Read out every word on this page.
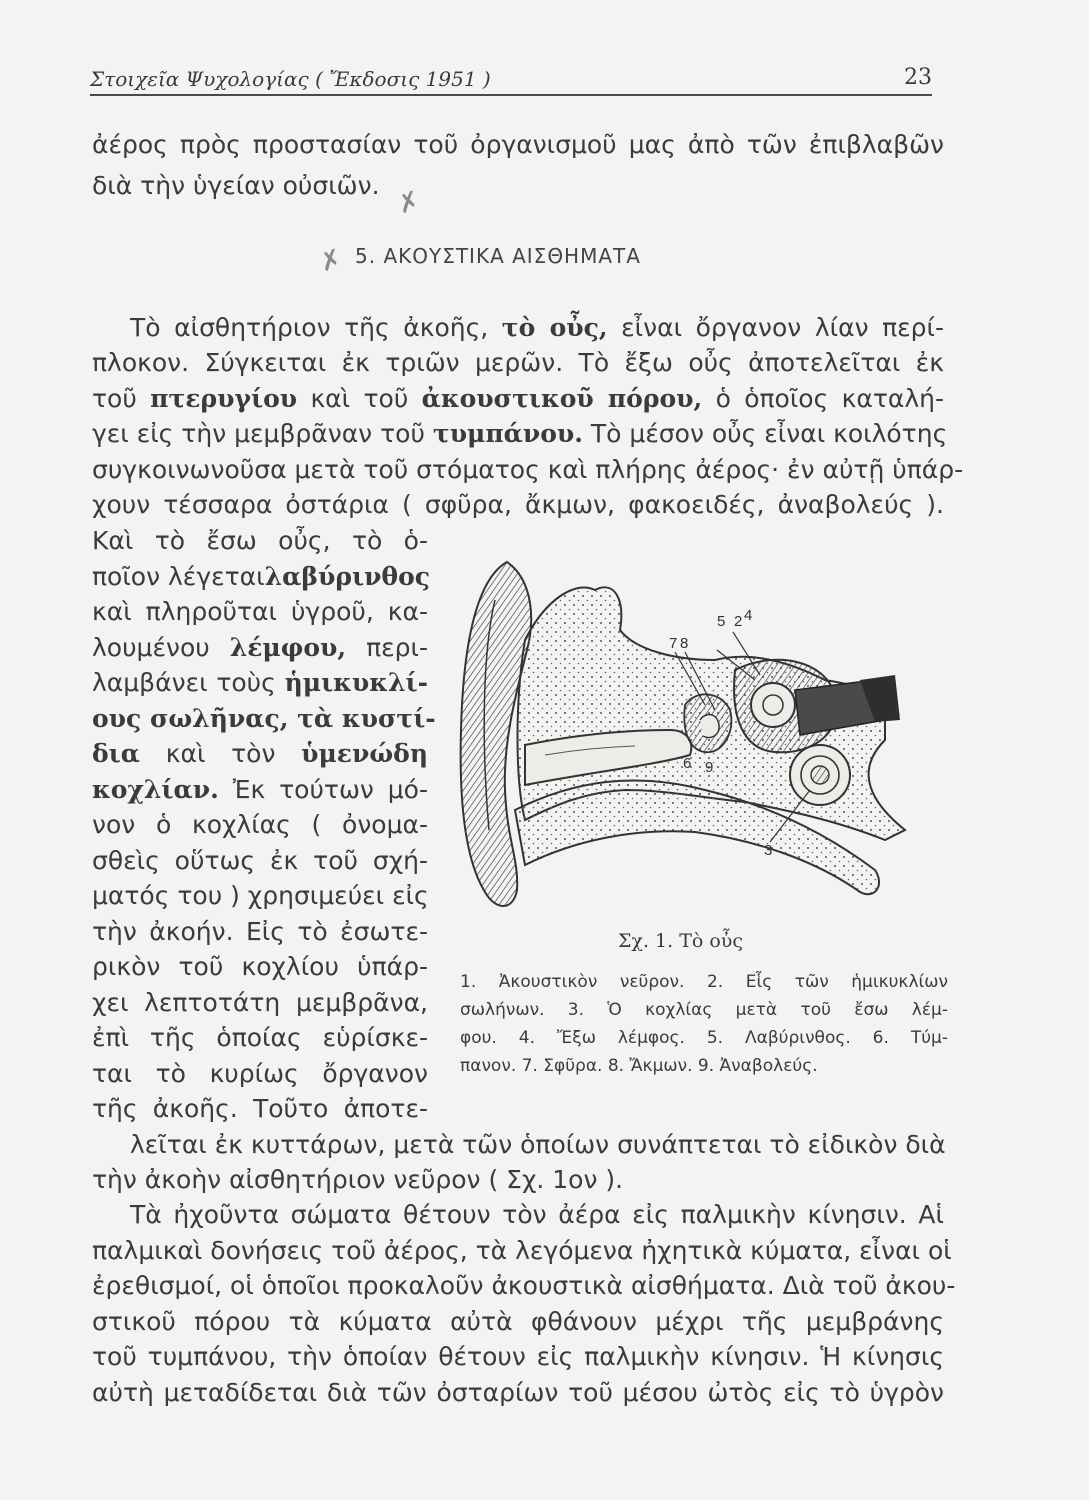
Στοιχεῖα Ψυχολογίας ( Ἔκδοσις 1951 )	23
ἀέρος πρὸς προστασίαν τοῦ ὀργανισμοῦ μας ἀπὸ τῶν ἐπιβλαβῶν
διὰ τὴν ὑγείαν οὐσιῶν. ✗
✗ 5. ΑΚΟΥΣΤΙΚΑ ΑΙΣΘΗΜΑΤΑ
Τὸ αἰσθητήριον τῆς ἀκοῆς, τὸ οὖς, εἶναι ὄργανον λίαν περί-
πλοκον. Σύγκειται ἐκ τριῶν μερῶν. Τὸ ἔξω οὖς ἀποτελεῖται ἐκ
τοῦ πτερυγίου καὶ τοῦ ἀκουστικοῦ πόρου, ὁ ὁποῖος καταλή-
γει εἰς τὴν μεμβρᾶναν τοῦ τυμπάνου. Τὸ μέσον οὖς εἶναι κοιλότης
συγκοινωνοῦσα μετὰ τοῦ στόματος καὶ πλήρης ἀέρος· ἐν αὐτῇ ὑπάρ-
χουν τέσσαρα ὀστάρια ( σφῦρα, ἄκμων, φακοειδές, ἀναβολεύς ).
Καὶ τὸ ἔσω οὖς, τὸ ὁ-
ποῖον λέγεταιλαβύρινθος
καὶ πληροῦται ὑγροῦ, κα-
λουμένου λέμφου, περι-
λαμβάνει τοὺς ἡμικυκλί-
ους σωλῆνας, τὰ κυστί-
δια καὶ τὸν ὑμενώδη
κοχλίαν. Ἐκ τούτων μό-
νον ὁ κοχλίας ( ὀνομα-
σθεὶς οὕτως ἐκ τοῦ σχή-
ματός του ) χρησιμεύει εἰς
τὴν ἀκοήν. Εἰς τὸ ἐσωτε-
ρικὸν τοῦ κοχλίου ὑπάρ-
χει λεπτοτάτη μεμβρᾶνα,
ἐπὶ τῆς ὁποίας εὑρίσκε-
ται τὸ κυρίως ὄργανον
τῆς ἀκοῆς. Τοῦτο ἀποτε-
1
2
3
4
5
6
7 8
9
Σχ. 1. Τὸ οὖς
1. Ἀκουστικὸν νεῦρον. 2. Εἷς τῶν ἡμικυκλίων
σωλήνων. 3. Ὁ κοχλίας μετὰ τοῦ ἔσω λέμ-
φου. 4. Ἔξω λέμφος. 5. Λαβύρινθος. 6. Τύμ-
πανον. 7. Σφῦρα. 8. Ἄκμων. 9. Ἀναβολεύς.
λεῖται ἐκ κυττάρων, μετὰ τῶν ὁποίων συνάπτεται τὸ εἰδικὸν διὰ
τὴν ἀκοὴν αἰσθητήριον νεῦρον ( Σχ. 1ον ).
Τὰ ἠχοῦντα σώματα θέτουν τὸν ἀέρα εἰς παλμικὴν κίνησιν. Αἱ
παλμικαὶ δονήσεις τοῦ ἀέρος, τὰ λεγόμενα ἠχητικὰ κύματα, εἶναι οἱ
ἐρεθισμοί, οἱ ὁποῖοι προκαλοῦν ἀκουστικὰ αἰσθήματα. Διὰ τοῦ ἀκου-
στικοῦ πόρου τὰ κύματα αὐτὰ φθάνουν μέχρι τῆς μεμβράνης
τοῦ τυμπάνου, τὴν ὁποίαν θέτουν εἰς παλμικὴν κίνησιν. Ἡ κίνησις
αὐτὴ μεταδίδεται διὰ τῶν ὀσταρίων τοῦ μέσου ὠτὸς εἰς τὸ ὑγρὸν
